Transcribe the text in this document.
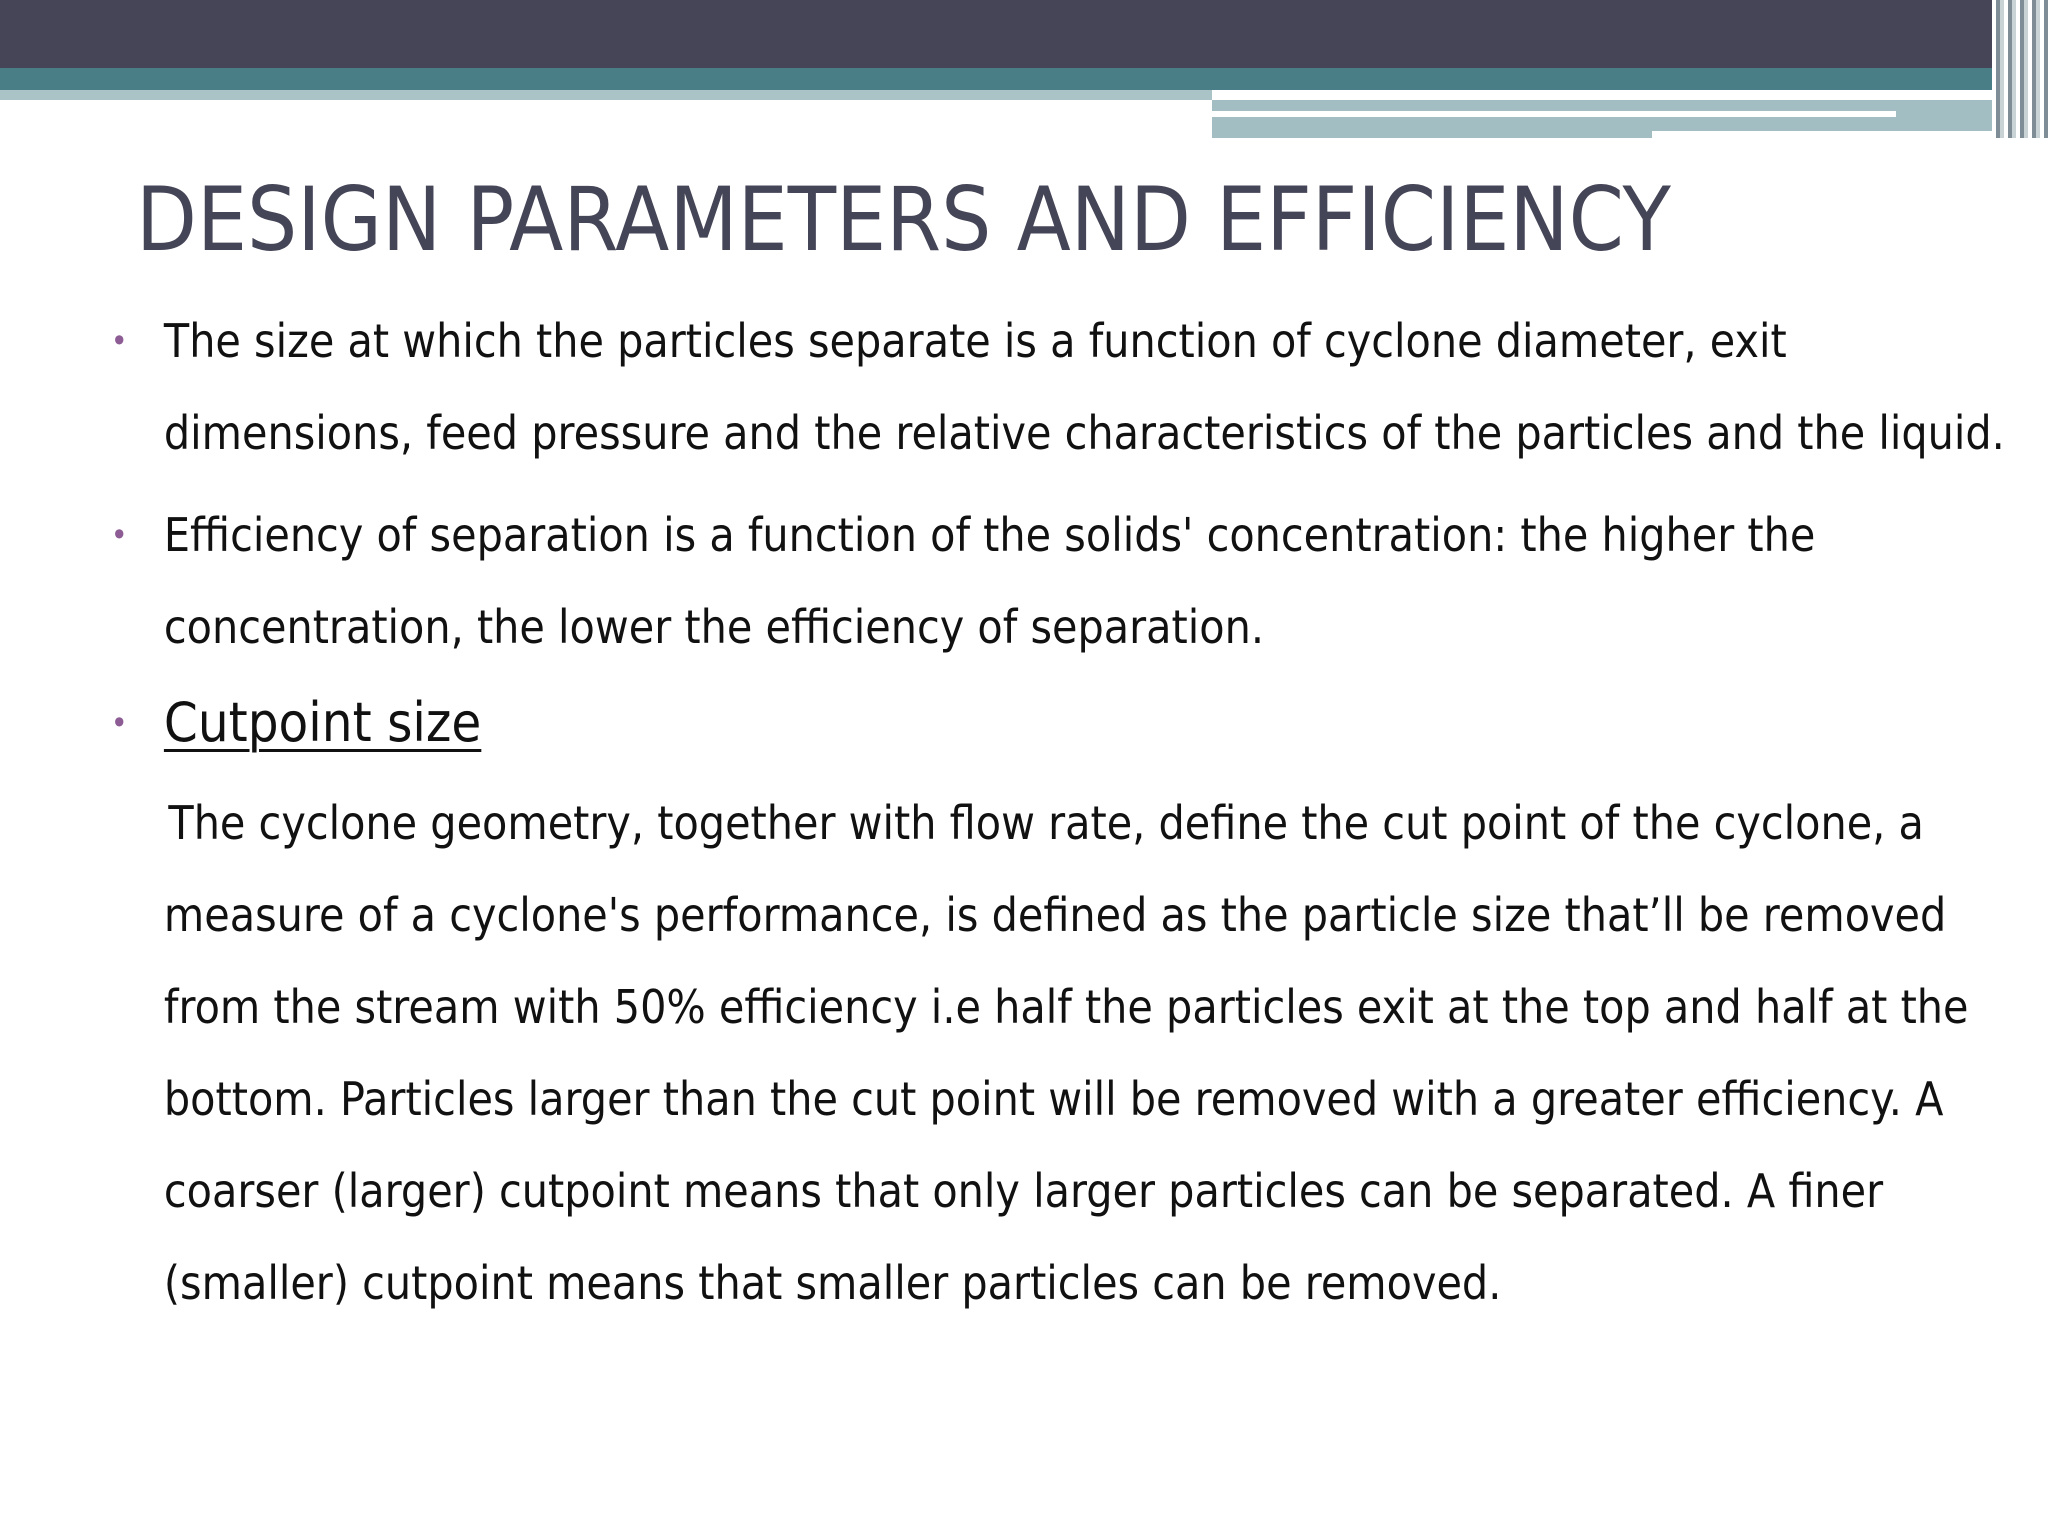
DESIGN PARAMETERS AND EFFICIENCY
• The size at which the particles separate is a function of cyclone diameter, exit dimensions, feed pressure and the relative characteristics of the particles and the liquid.
• Efficiency of separation is a function of the solids' concentration: the higher the concentration, the lower the efficiency of separation.
• Cutpoint size
The cyclone geometry, together with flow rate, define the cut point of the cyclone, a measure of a cyclone's performance, is defined as the particle size that’ll be removed from the stream with 50% efficiency i.e half the particles exit at the top and half at the bottom. Particles larger than the cut point will be removed with a greater efficiency. A coarser (larger) cutpoint means that only larger particles can be separated. A finer (smaller) cutpoint means that smaller particles can be removed.
